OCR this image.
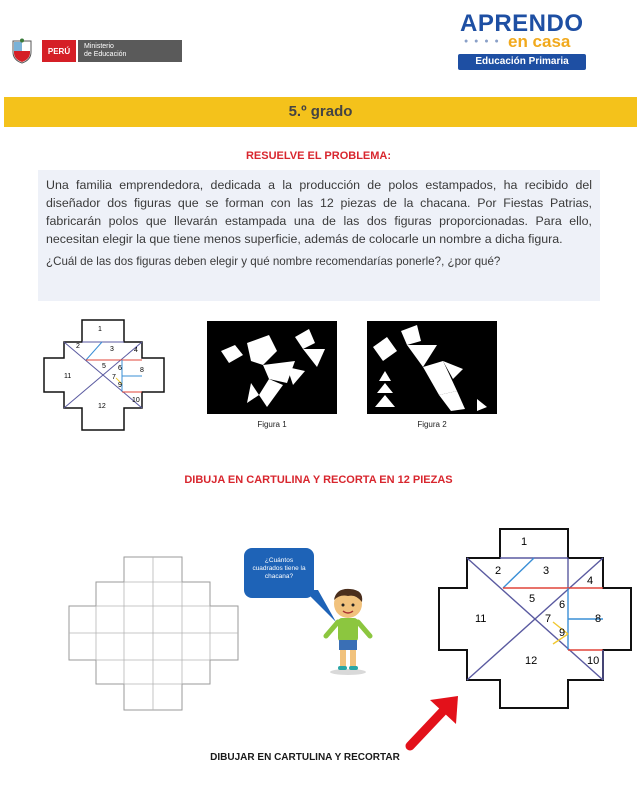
PERÚ	Ministerio
de Educación
APRENDO
● ● ● ● en casa
Educación Primaria
5.º grado
RESUELVE EL PROBLEMA:

Una familia emprendedora, dedicada a la producción de polos estampados, ha recibido del diseñador dos figuras que se forman con las 12 piezas de la chacana. Por Fiestas Patrias, fabricarán polos que llevarán estampada una de las dos figuras proporcionadas. Para ello, necesitan elegir la que tiene menos superficie, además de colocarle un nombre a dicha figura.

¿Cuál de las dos figuras deben elegir y qué nombre recomendarías ponerle?, ¿por qué?

1
2	3	4
5 6
7
8
9
10
11
12
Figura 1	Figura 2
DIBUJA EN CARTULINA Y RECORTA EN 12 PIEZAS
¿Cuántos cuadrados tiene la chacana?
1
2	3
4
5 6
7	8
9
10
11
12
DIBUJAR EN CARTULINA Y RECORTAR
